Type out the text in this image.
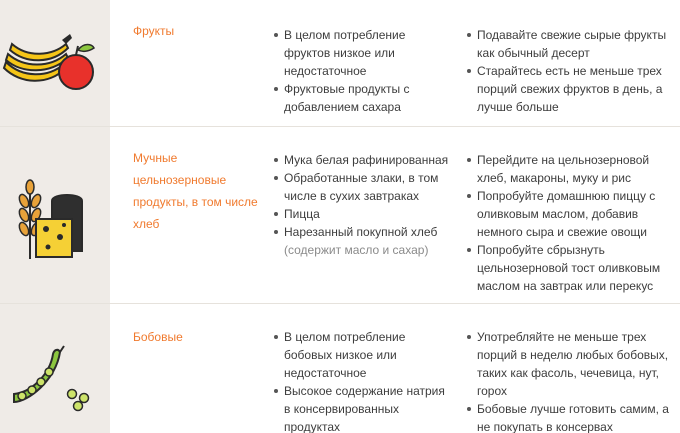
Фрукты	В целом потребление фруктов низкое или недостаточное
Фруктовые продукты с добавлением сахара
Подавайте свежие сырые фрукты как обычный десерт
Старайтесь есть не меньше трех порций свежих фруктов в день, а лучше больше
Мучные цельнозерновые продукты, в том числе хлеб
Мука белая рафинированная
Обработанные злаки, в том числе в сухих завтраках
Пицца
Нарезанный покупной хлеб
(содержит масло и сахар)
Перейдите на цельнозерновой хлеб, макароны, муку и рис
Попробуйте домашнюю пиццу с оливковым маслом, добавив немного сыра и свежие овощи
Попробуйте сбрызнуть цельнозерновой тост оливковым маслом на завтрак или перекус
Бобовые	В целом потребление бобовых низкое или недостаточное
Высокое содержание натрия в консервированных продуктах
Употребляйте не меньше трех порций в неделю любых бобовых, таких как фасоль, чечевица, нут, горох
Бобовые лучше готовить самим, а не покупать в консервах
